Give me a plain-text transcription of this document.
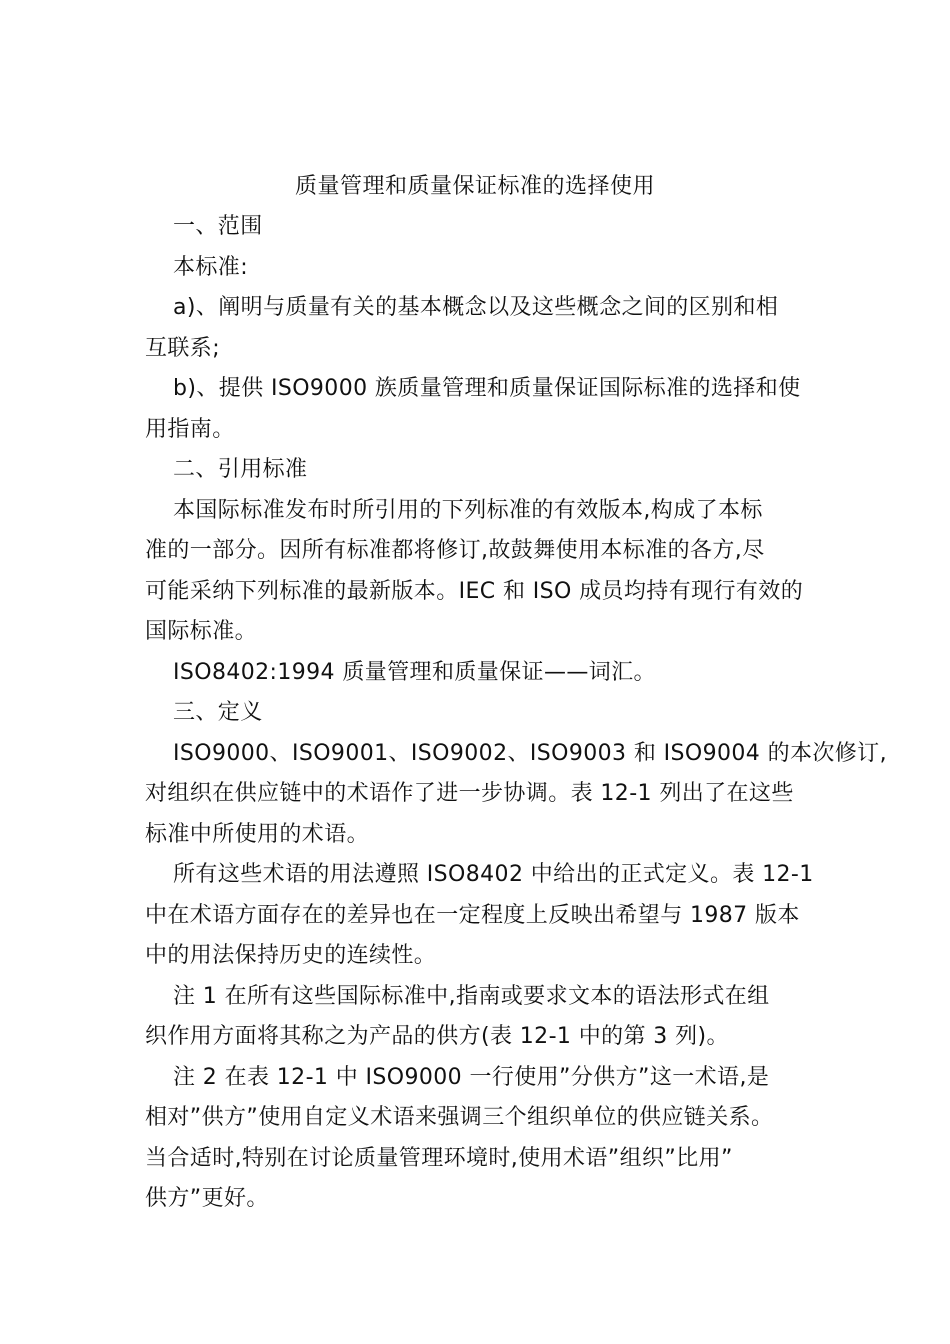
质量管理和质量保证标准的选择使用
一、范围
本标准:
a)、阐明与质量有关的基本概念以及这些概念之间的区别和相
互联系;
b)、提供 ISO9000 族质量管理和质量保证国际标准的选择和使
用指南。
二、引用标准
本国际标准发布时所引用的下列标准的有效版本,构成了本标
准的一部分。因所有标准都将修订,故鼓舞使用本标准的各方,尽
可能采纳下列标准的最新版本。IEC 和 ISO 成员均持有现行有效的
国际标准。
ISO8402:1994 质量管理和质量保证——词汇。
三、定义
ISO9000、ISO9001、ISO9002、ISO9003 和 ISO9004 的本次修订,
对组织在供应链中的术语作了进一步协调。表 12-1 列出了在这些
标准中所使用的术语。
所有这些术语的用法遵照 ISO8402 中给出的正式定义。表 12-1
中在术语方面存在的差异也在一定程度上反映出希望与 1987 版本
中的用法保持历史的连续性。
注 1 在所有这些国际标准中,指南或要求文本的语法形式在组
织作用方面将其称之为产品的供方(表 12-1 中的第 3 列)。
注 2 在表 12-1 中 ISO9000 一行使用”分供方”这一术语,是
相对”供方”使用自定义术语来强调三个组织单位的供应链关系。
当合适时,特别在讨论质量管理环境时,使用术语”组织”比用”
供方”更好。
